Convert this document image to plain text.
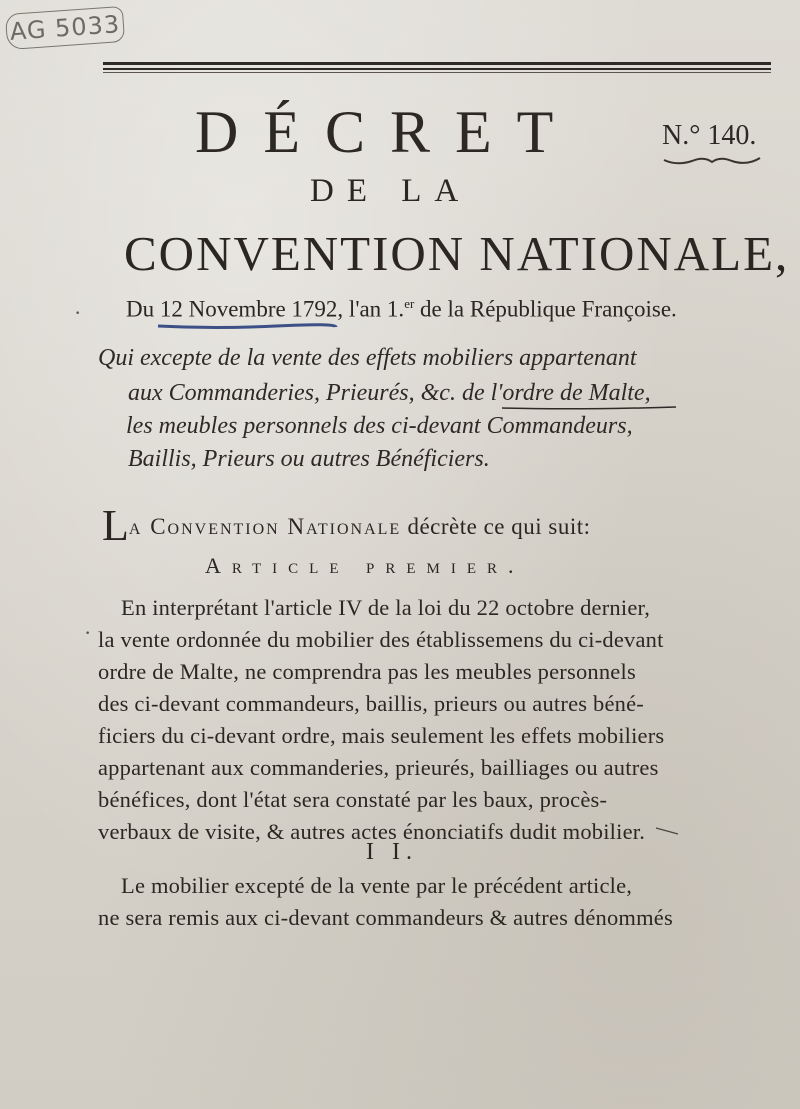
AG 5033
DÉCRET	N.° 140.
DE LA
CONVENTION NATIONALE,
Du 12 Novembre 1792, l'an 1.$^{er}$ de la République Françoise.
Qui excepte de la vente des effets mobiliers appartenant
aux Commanderies, Prieurés, &c. de l'ordre de Malte,
les meubles personnels des ci-devant Commandeurs,
Baillis, Prieurs ou autres Bénéficiers.
La Convention Nationale décrète ce qui suit:
Article premier.
En interprétant l'article IV de la loi du 22 octobre dernier,
la vente ordonnée du mobilier des établissemens du ci-devant
ordre de Malte, ne comprendra pas les meubles personnels
des ci-devant commandeurs, baillis, prieurs ou autres béné-
ficiers du ci-devant ordre, mais seulement les effets mobiliers
appartenant aux commanderies, prieurés, bailliages ou autres
bénéfices, dont l'état sera constaté par les baux, procès-
verbaux de visite, & autres actes énonciatifs dudit mobilier.
I I.
Le mobilier excepté de la vente par le précédent article,
ne sera remis aux ci-devant commandeurs & autres dénommés
·
·
